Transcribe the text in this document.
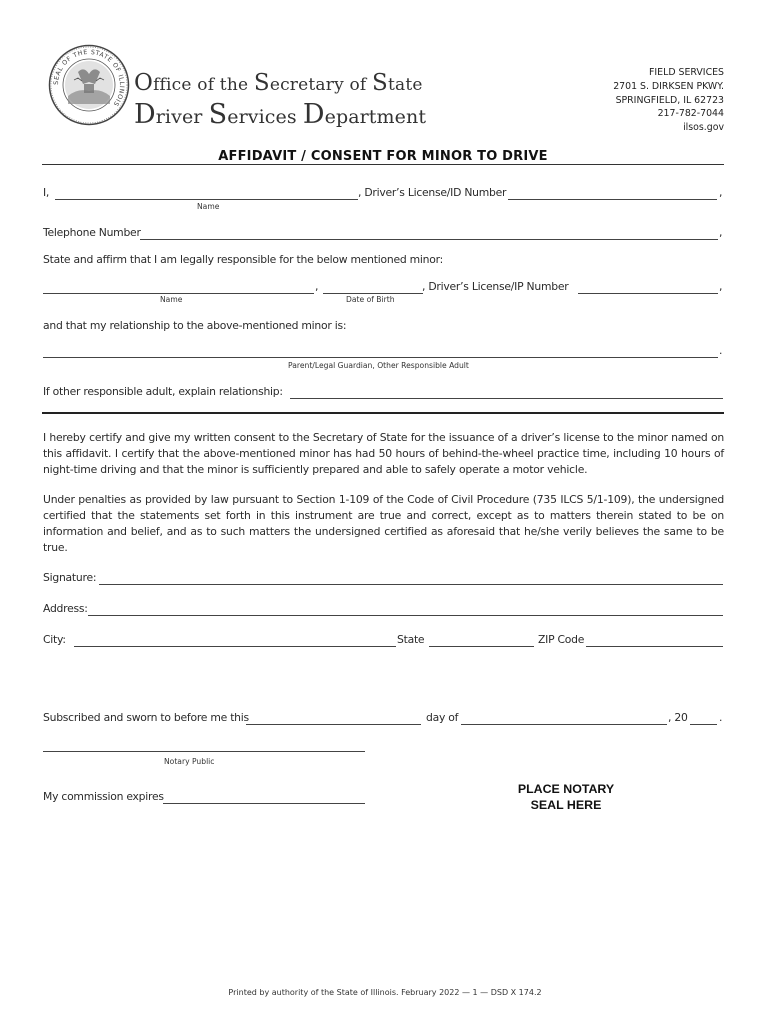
SEAL OF THE STATE OF ILLINOIS
Office of the Secretary of State
Driver Services Department
FIELD SERVICES
2701 S. DIRKSEN PKWY.
SPRINGFIELD, IL 62723
217-782-7044
ilsos.gov
AFFIDAVIT / CONSENT FOR MINOR TO DRIVE
I,	, Driver’s License/ID Number	,
Name
Telephone Number	,
State and affirm that I am legally responsible for the below mentioned minor:
,	, Driver’s License/IP Number	,
Name	Date of Birth
and that my relationship to the above-mentioned minor is:
.
Parent/Legal Guardian, Other Responsible Adult
If other responsible adult, explain relationship:
I hereby certify and give my written consent to the Secretary of State for the issuance of a driver’s license to the minor named on this affidavit. I certify that the above-mentioned minor has had 50 hours of behind-the-wheel practice time, including 10 hours of night-time driving and that the minor is sufficiently prepared and able to safely operate a motor vehicle.
Under penalties as provided by law pursuant to Section 1-109 of the Code of Civil Procedure (735 ILCS 5/1-109), the undersigned certified that the statements set forth in this instrument are true and correct, except as to matters therein stated to be on information and belief, and as to such matters the undersigned certified as aforesaid that he/she verily believes the same to be true.
Signature:
Address:
City:	State	ZIP Code
Subscribed and sworn to before me this	day of	, 20	.
Notary Public
My commission expires
PLACE NOTARY
SEAL HERE
Printed by authority of the State of Illinois. February 2022 — 1 — DSD X 174.2
